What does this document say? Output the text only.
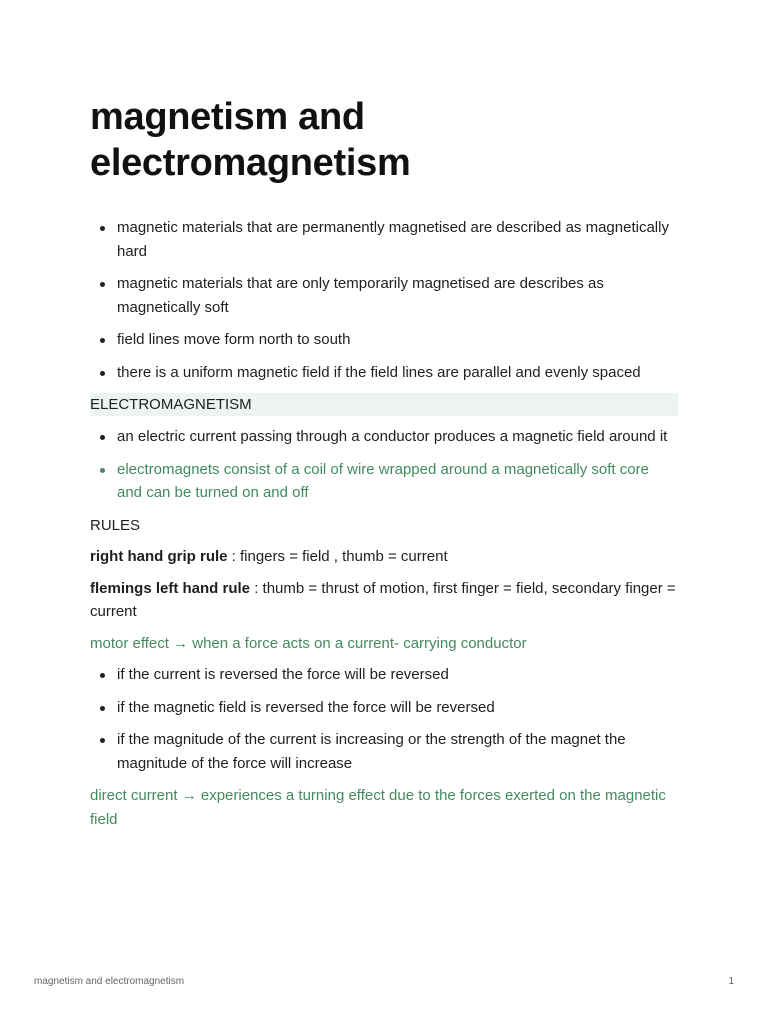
magnetism and electromagnetism
magnetic materials that are permanently magnetised are described as magnetically hard
magnetic materials that are only temporarily magnetised are describes as magnetically soft
field lines move form north to south
there is a uniform magnetic field if the field lines are parallel and evenly spaced
ELECTROMAGNETISM
an electric current passing through a conductor produces a magnetic field around it
electromagnets consist of a coil of wire wrapped around a magnetically soft core and can be turned on and off

RULES

right hand grip rule : fingers = field , thumb = current

flemings left hand rule : thumb = thrust of motion, first finger = field, secondary finger = current

motor effect → when a force acts on a current- carrying conductor

if the current is reversed the force will be reversed
if the magnetic field is reversed the force will be reversed
if the magnitude of the current is increasing or the strength of the magnet the magnitude of the force will increase

direct current → experiences a turning effect due to the forces exerted on the magnetic field

magnetism and electromagnetism	1
